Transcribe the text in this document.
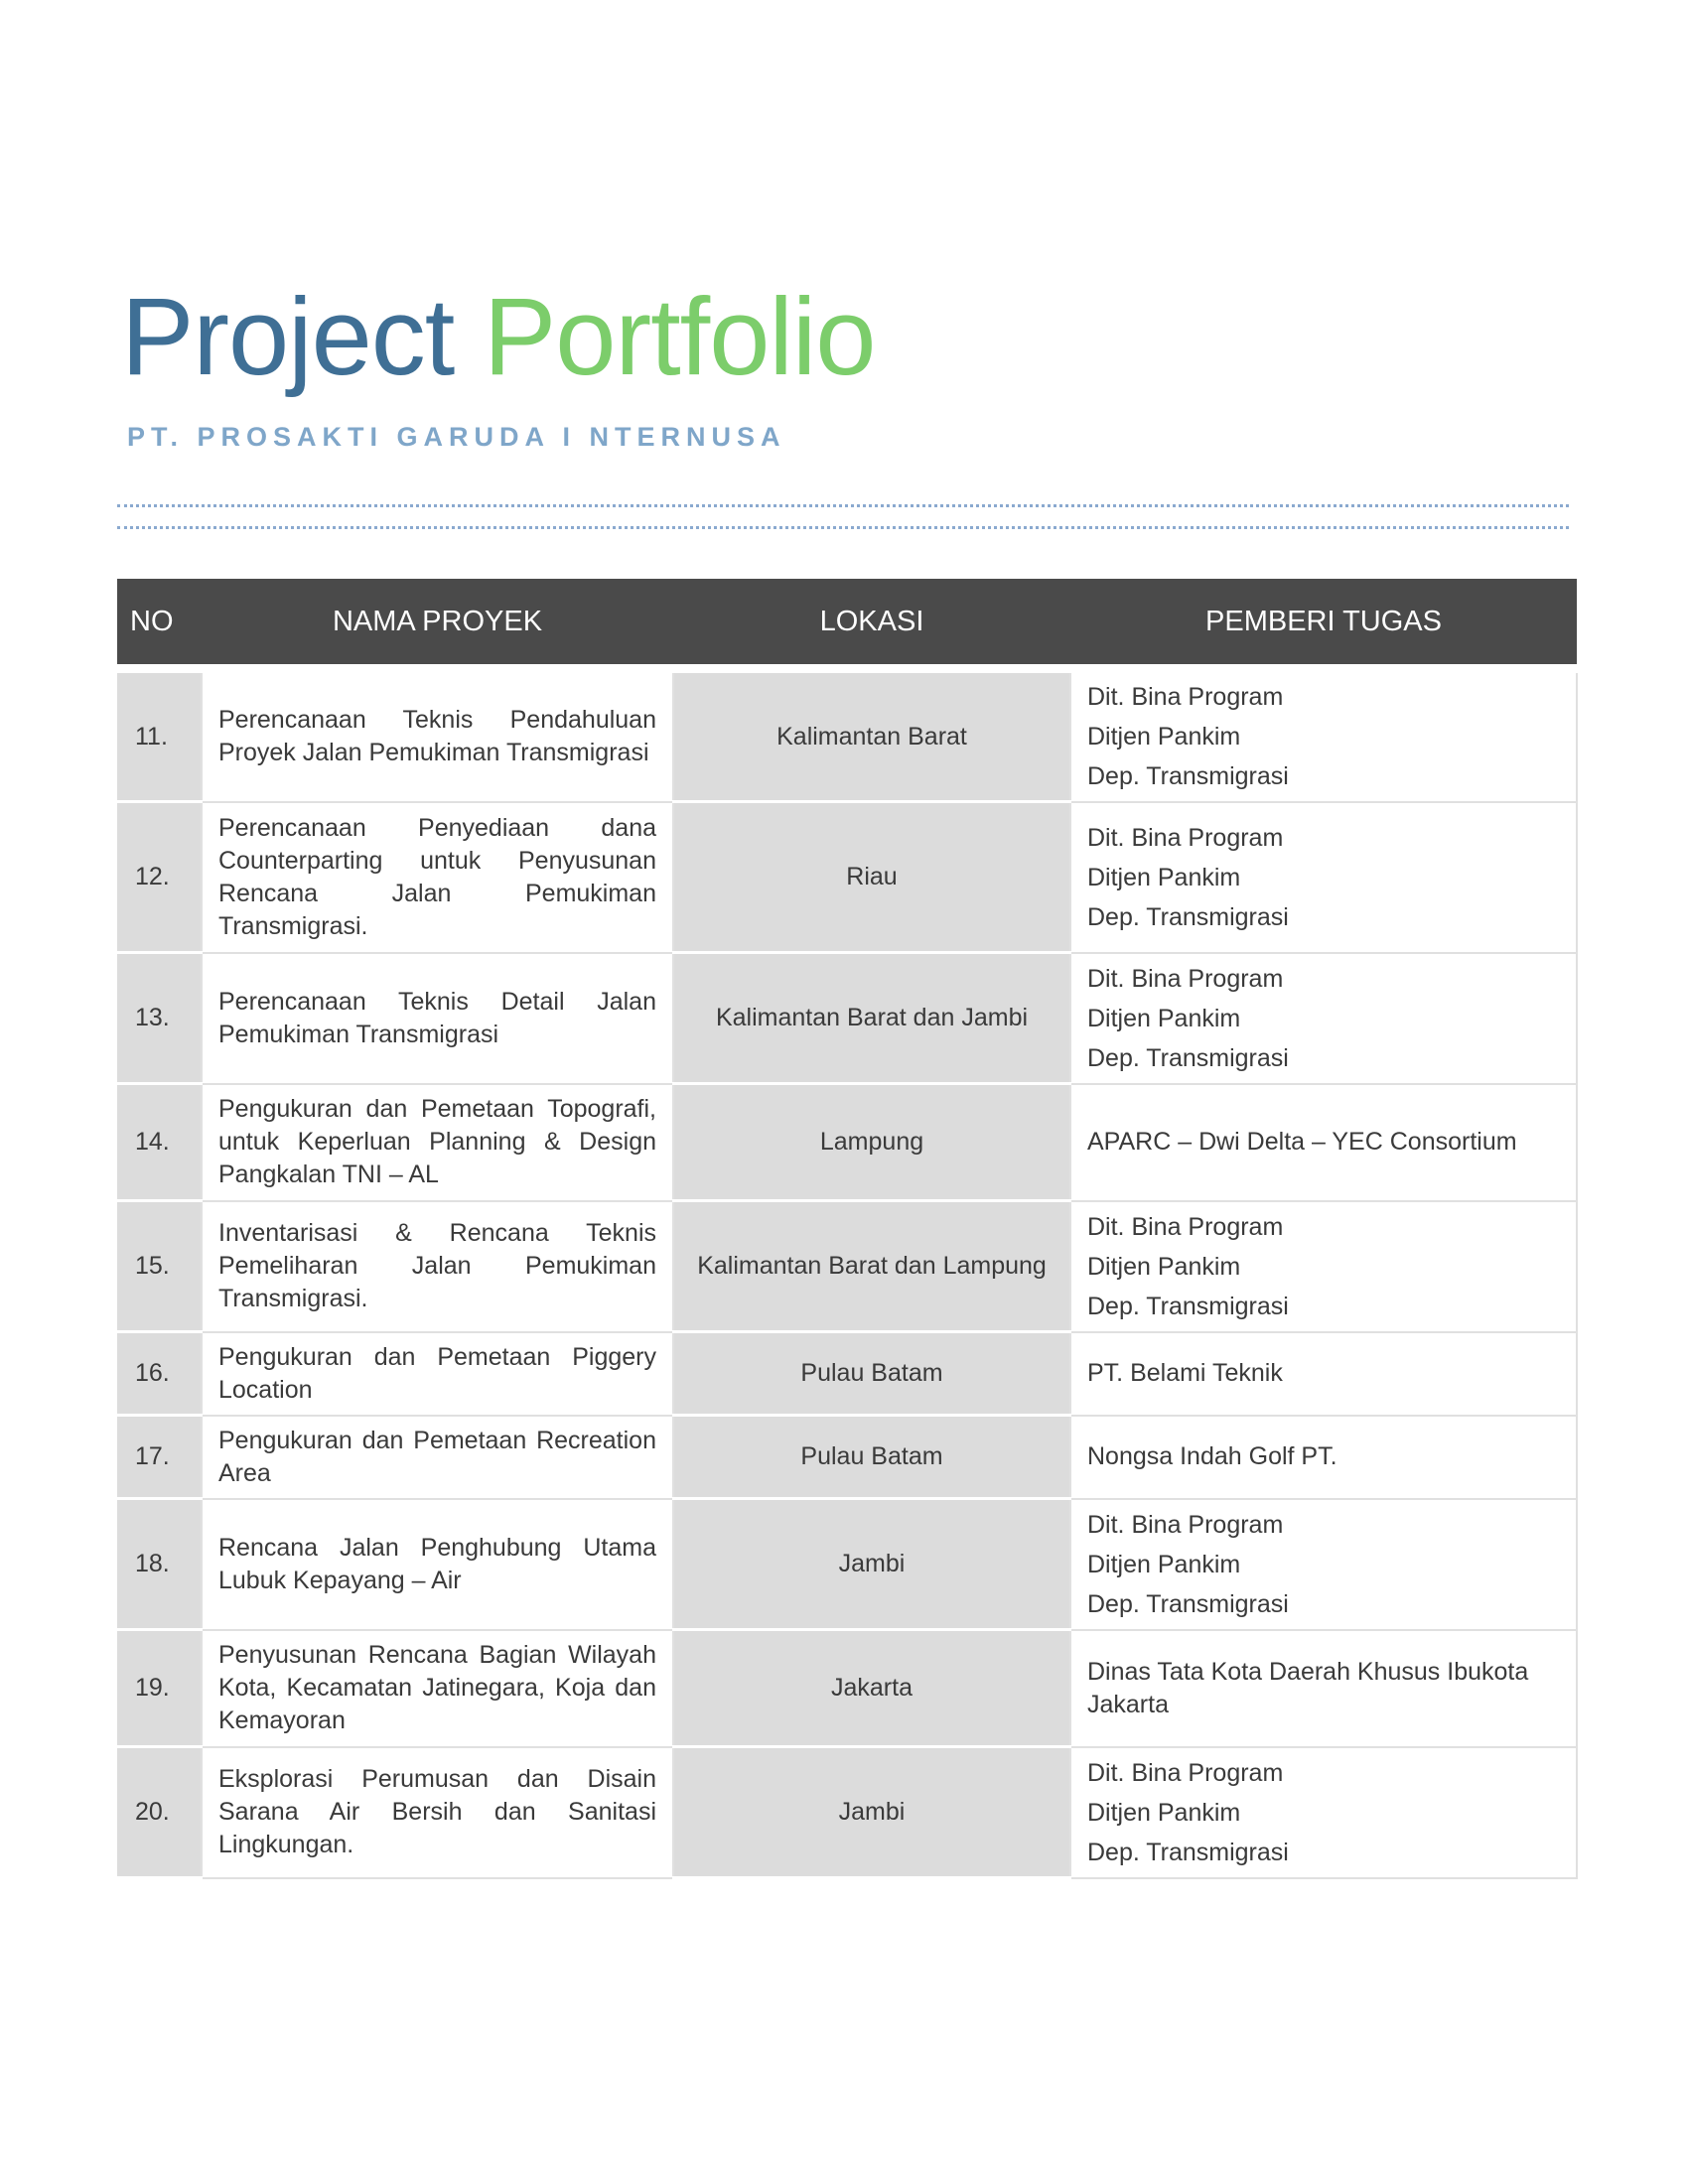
Project Portfolio
PT. PROSAKTI GARUDA I NTERNUSA
NO	NAMA PROYEK	LOKASI	PEMBERI TUGAS
11.	Perencanaan Teknis Pendahuluan Proyek Jalan Pemukiman Transmigrasi	Kalimantan Barat	Dit. Bina Program
Ditjen Pankim
Dep. Transmigrasi

12.	Perencanaan Penyediaan dana Counterparting untuk Penyusunan Rencana Jalan Pemukiman Transmigrasi.	Riau	Dit. Bina Program
Ditjen Pankim
Dep. Transmigrasi

13.	Perencanaan Teknis Detail Jalan Pemukiman Transmigrasi	Kalimantan Barat dan Jambi	Dit. Bina Program
Ditjen Pankim
Dep. Transmigrasi

14.	Pengukuran dan Pemetaan Topografi, untuk Keperluan Planning & Design Pangkalan TNI – AL	Lampung	APARC – Dwi Delta – YEC Consortium

15.	Inventarisasi & Rencana Teknis Pemeliharan Jalan Pemukiman Transmigrasi.	Kalimantan Barat dan Lampung	Dit. Bina Program
Ditjen Pankim
Dep. Transmigrasi

16.	Pengukuran dan Pemetaan Piggery Location	Pulau Batam	PT. Belami Teknik

17.	Pengukuran dan Pemetaan Recreation Area	Pulau Batam	Nongsa Indah Golf PT.

18.	Rencana Jalan Penghubung Utama Lubuk Kepayang – Air	Jambi	Dit. Bina Program
Ditjen Pankim
Dep. Transmigrasi

19.	Penyusunan Rencana Bagian Wilayah Kota, Kecamatan Jatinegara, Koja dan Kemayoran	Jakarta	Dinas Tata Kota Daerah Khusus Ibukota Jakarta

20.	Eksplorasi Perumusan dan Disain Sarana Air Bersih dan Sanitasi Lingkungan.	Jambi	Dit. Bina Program
Ditjen Pankim
Dep. Transmigrasi
